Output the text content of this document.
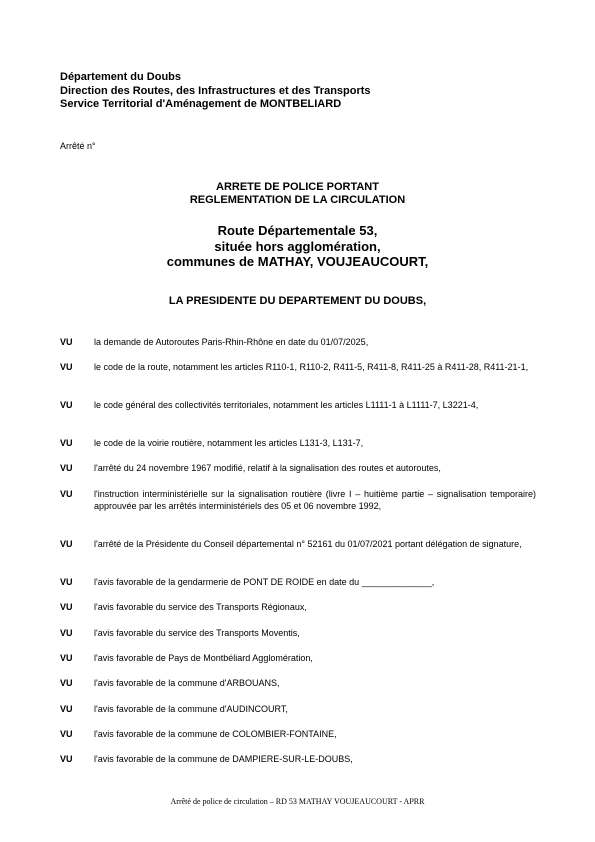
Département du Doubs
Direction des Routes, des Infrastructures et des Transports
Service Territorial d'Aménagement de MONTBELIARD
Arrêté n°
ARRETE DE POLICE PORTANT
REGLEMENTATION DE LA CIRCULATION
Route Départementale 53,
située hors agglomération,
communes de MATHAY, VOUJEAUCOURT,
LA PRESIDENTE DU DEPARTEMENT DU DOUBS,
VU la demande de Autoroutes Paris-Rhin-Rhône en date du 01/07/2025,
VU le code de la route, notamment les articles R110-1, R110-2, R411-5, R411-8, R411-25 à R411-28, R411-21-1,
VU le code général des collectivités territoriales, notamment les articles L1111-1 à L1111-7, L3221-4,
VU le code de la voirie routière, notamment les articles L131-3, L131-7,
VU l'arrêté du 24 novembre 1967 modifié, relatif à la signalisation des routes et autoroutes,
VU l'instruction interministérielle sur la signalisation routière (livre I – huitième partie – signalisation temporaire) approuvée par les arrêtés interministériels des 05 et 06 novembre 1992,
VU l'arrêté de la Présidente du Conseil départemental n° 52161 du 01/07/2021 portant délégation de signature,
VU l'avis favorable de la gendarmerie de PONT DE ROIDE en date du ______________,
VU l'avis favorable du service des Transports Régionaux,
VU l'avis favorable du service des Transports Moventis,
VU l'avis favorable de Pays de Montbéliard Agglomération,
VU l'avis favorable de la commune d'ARBOUANS,
VU l'avis favorable de la commune d'AUDINCOURT,
VU l'avis favorable de la commune de COLOMBIER-FONTAINE,
VU l'avis favorable de la commune de DAMPIERE-SUR-LE-DOUBS,
Arrêté de police de circulation – RD 53 MATHAY VOUJEAUCOURT - APRR
